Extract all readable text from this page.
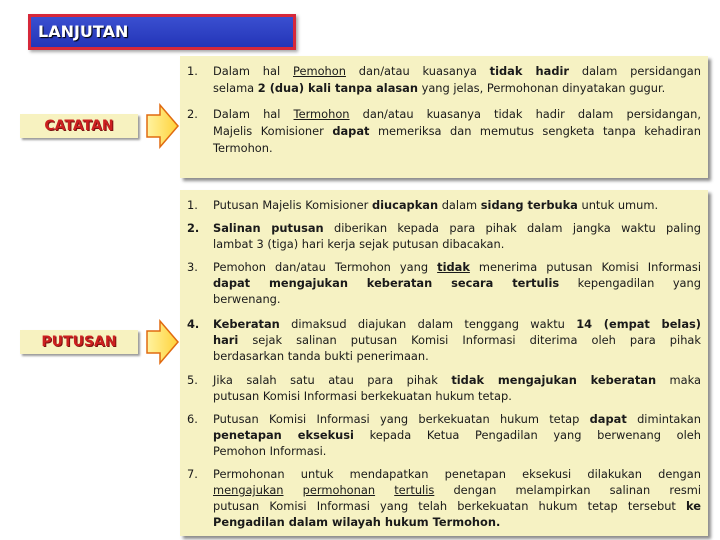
LANJUTAN
CATATAN
1. Dalam hal Pemohon dan/atau kuasanya tidak hadir dalam persidangan
selama 2 (dua) kali tanpa alasan yang jelas, Permohonan dinyatakan gugur.
2. Dalam hal Termohon dan/atau kuasanya tidak hadir dalam persidangan,
Majelis Komisioner dapat memeriksa dan memutus sengketa tanpa kehadiran
Termohon.
PUTUSAN
1. Putusan Majelis Komisioner diucapkan dalam sidang terbuka untuk umum.
2. Salinan putusan diberikan kepada para pihak dalam jangka waktu paling
lambat 3 (tiga) hari kerja sejak putusan dibacakan.
3. Pemohon dan/atau Termohon yang tidak menerima putusan Komisi Informasi
dapat mengajukan keberatan secara tertulis kepengadilan yang
berwenang.
4. Keberatan dimaksud diajukan dalam tenggang waktu 14 (empat belas)
hari sejak salinan putusan Komisi Informasi diterima oleh para pihak
berdasarkan tanda bukti penerimaan.
5. Jika salah satu atau para pihak tidak mengajukan keberatan maka
putusan Komisi Informasi berkekuatan hukum tetap.
6. Putusan Komisi Informasi yang berkekuatan hukum tetap dapat dimintakan
penetapan eksekusi kepada Ketua Pengadilan yang berwenang oleh
Pemohon Informasi.
7. Permohonan untuk mendapatkan penetapan eksekusi dilakukan dengan
mengajukan permohonan tertulis dengan melampirkan salinan resmi
putusan Komisi Informasi yang telah berkekuatan hukum tetap tersebut ke
Pengadilan dalam wilayah hukum Termohon.
